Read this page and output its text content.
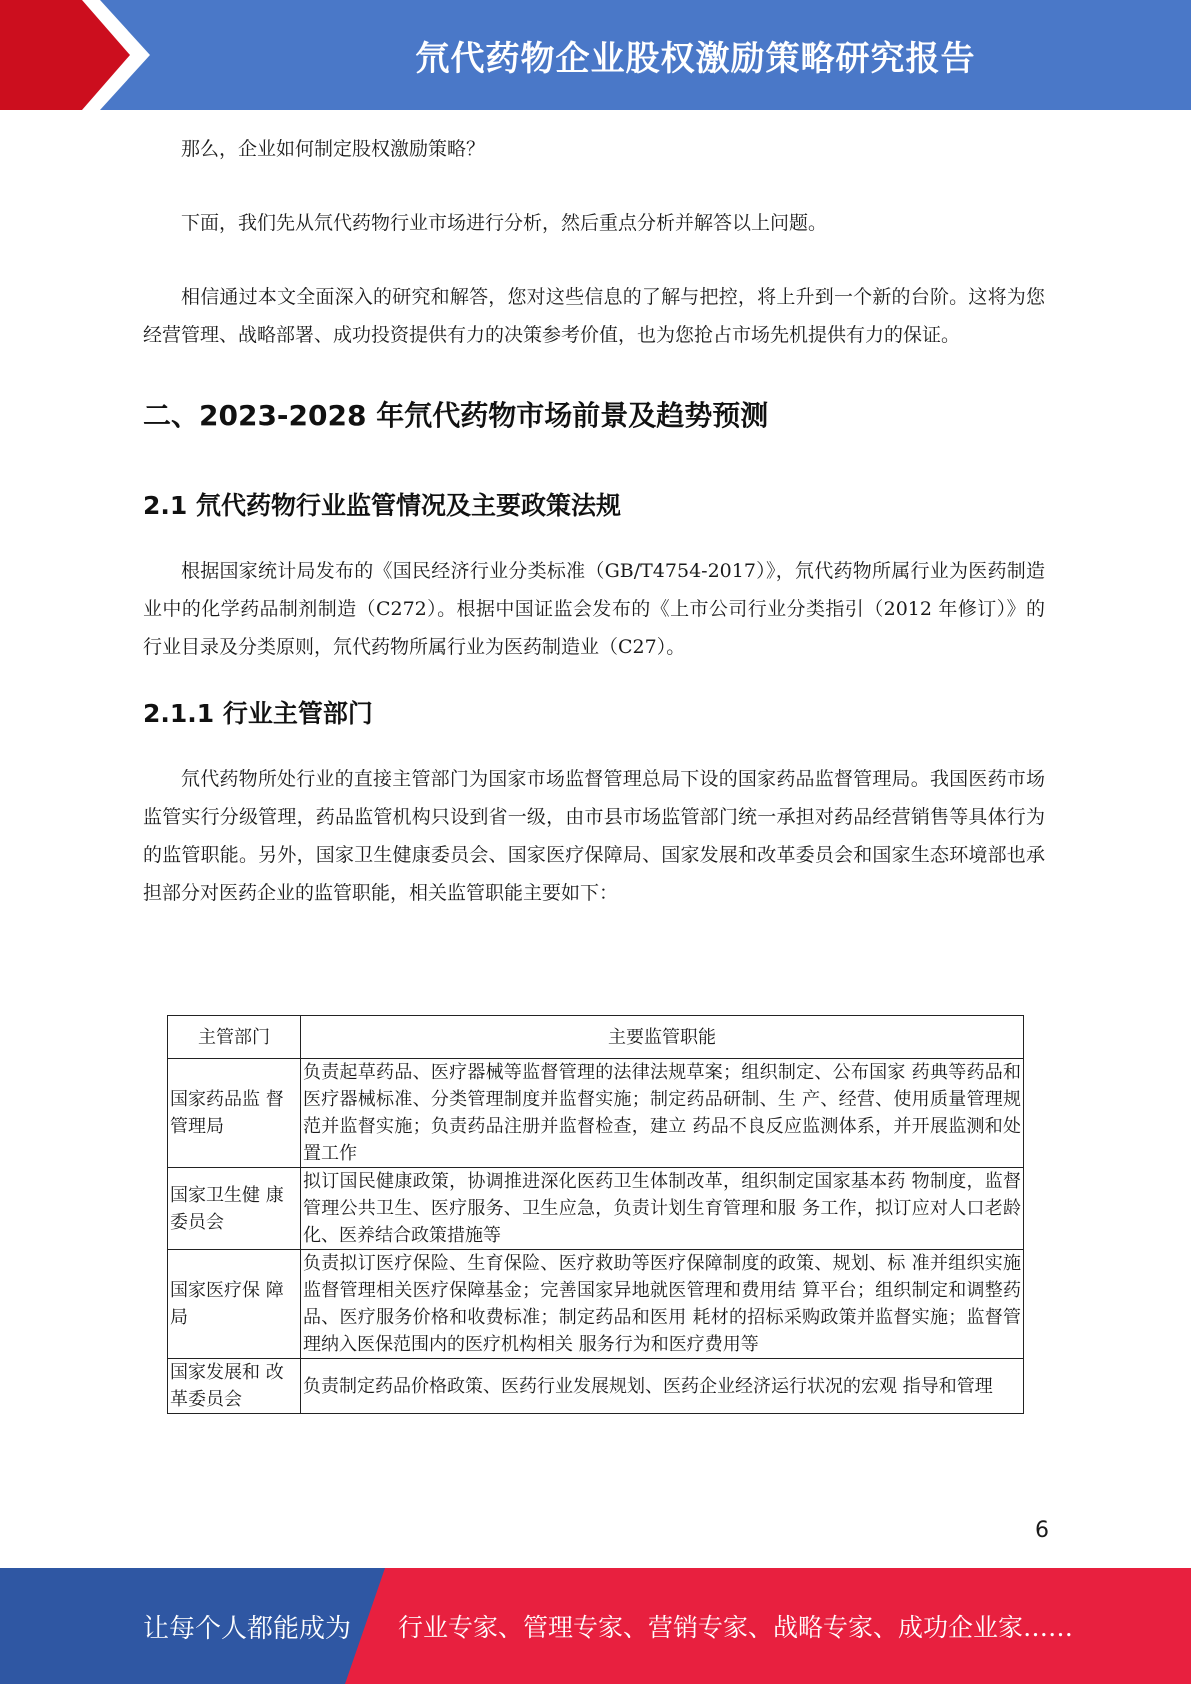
氘代药物企业股权激励策略研究报告

那么，企业如何制定股权激励策略？

下面，我们先从氘代药物行业市场进行分析，然后重点分析并解答以上问题。

相信通过本文全面深入的研究和解答，您对这些信息的了解与把控，将上升到一个新的台阶。这将为您经营管理、战略部署、成功投资提供有力的决策参考价值，也为您抢占市场先机提供有力的保证。

二、2023-2028 年氘代药物市场前景及趋势预测
2.1 氘代药物行业监管情况及主要政策法规

根据国家统计局发布的《国民经济行业分类标准（GB/T4754-2017）》，氘代药物所属行业为医药制造业中的化学药品制剂制造（C272）。根据中国证监会发布的《上市公司行业分类指引（2012 年修订）》的行业目录及分类原则，氘代药物所属行业为医药制造业（C27）。

2.1.1 行业主管部门

氘代药物所处行业的直接主管部门为国家市场监督管理总局下设的国家药品监督管理局。我国医药市场监管实行分级管理，药品监管机构只设到省一级，由市县市场监管部门统一承担对药品经营销售等具体行为的监管职能。另外，国家卫生健康委员会、国家医疗保障局、国家发展和改革委员会和国家生态环境部也承担部分对医药企业的监管职能，相关监管职能主要如下：

主管部门	主要监管职能
国家药品监 督管理局	负责起草药品、医疗器械等监督管理的法律法规草案；组织制定、公布国家 药典等药品和医疗器械标准、分类管理制度并监督实施；制定药品研制、生 产、经营、使用质量管理规范并监督实施；负责药品注册并监督检查，建立 药品不良反应监测体系，并开展监测和处置工作
国家卫生健 康委员会	拟订国民健康政策，协调推进深化医药卫生体制改革，组织制定国家基本药 物制度，监督管理公共卫生、医疗服务、卫生应急，负责计划生育管理和服 务工作，拟订应对人口老龄化、医养结合政策措施等
国家医疗保 障局	负责拟订医疗保险、生育保险、医疗救助等医疗保障制度的政策、规划、标 准并组织实施监督管理相关医疗保障基金；完善国家异地就医管理和费用结 算平台；组织制定和调整药品、医疗服务价格和收费标准；制定药品和医用 耗材的招标采购政策并监督实施；监督管理纳入医保范围内的医疗机构相关 服务行为和医疗费用等
国家发展和 改革委员会	负责制定药品价格政策、医药行业发展规划、医药企业经济运行状况的宏观 指导和管理
6
让每个人都能成为 行业专家、管理专家、营销专家、战略专家、成功企业家……
